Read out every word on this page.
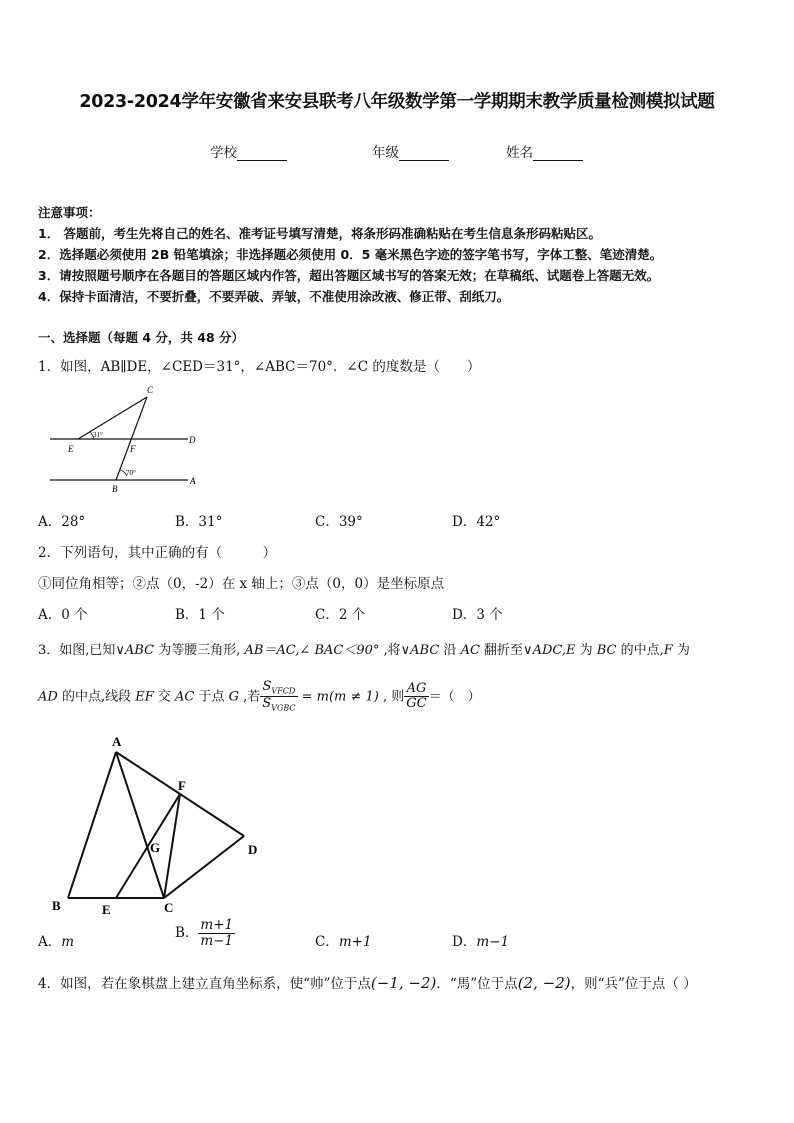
2023-2024学年安徽省来安县联考八年级数学第一学期期末教学质量检测模拟试题
学校	年级	姓名
注意事项：
1． 答题前，考生先将自己的姓名、准考证号填写清楚，将条形码准确粘贴在考生信息条形码粘贴区。
2．选择题必须使用 2B 铅笔填涂；非选择题必须使用 0．5 毫米黑色字迹的签字笔书写，字体工整、笔迹清楚。
3．请按照题号顺序在各题目的答题区域内作答，超出答题区域书写的答案无效；在草稿纸、试题卷上答题无效。
4．保持卡面清洁，不要折叠，不要弄破、弄皱，不准使用涂改液、修正带、刮纸刀。
一、选择题（每题 4 分，共 48 分）
1．如图，AB∥DE，∠CED＝31°，∠ABC＝70°．∠C 的度数是（　　）
C
E	F
D
B
A
31°
70°
A．28°	B．31°	C．39°	D．42°
2．下列语句，其中正确的有（　　　）
①同位角相等；②点（0，-2）在 x 轴上；③点（0，0）是坐标原点
A．0 个	B．1 个	C．2 个	D．3 个
3．如图,已知∨ABC 为等腰三角形, AB＝AC,∠ BAC＜90° ,将∨ABC 沿 AC 翻折至∨ADC,E 为 BC 的中点,F 为
AD 的中点,线段 EF 交 AC 于点 G ,若 $\frac{S_{VFCD}}{S_{VGBC}} = m(m \ne 1)$ , 则 $\frac{AG}{GC}$ ＝（　）
A
F
G	D
B	E	C
A．m
B． $\frac{m+1}{m-1}$	C．m+1	D．m−1
4．如图，若在象棋盘上建立直角坐标系，使“帅”位于点(−1, −2)．“馬”位于点(2, −2)，则“兵”位于点（ ）
